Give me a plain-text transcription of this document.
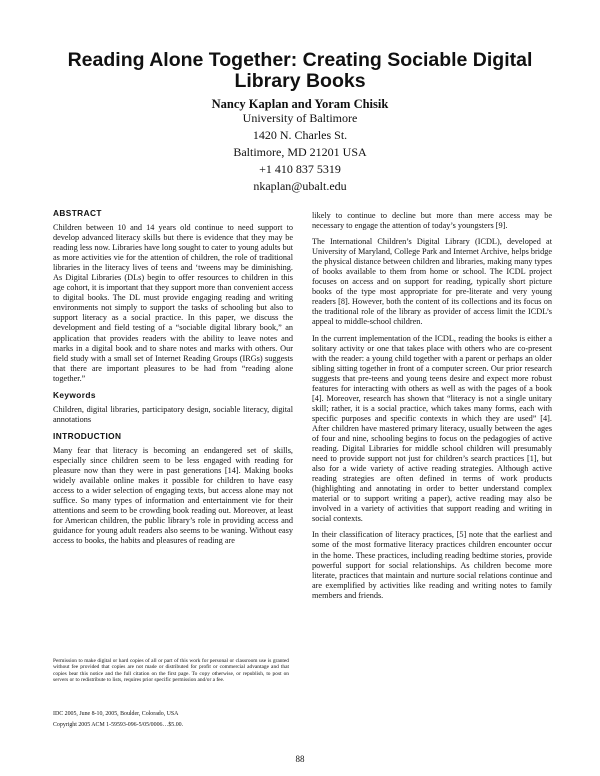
Reading Alone Together: Creating Sociable Digital Library Books
Nancy Kaplan and Yoram Chisik
University of Baltimore
1420 N. Charles St.
Baltimore, MD 21201 USA
+1 410 837 5319
nkaplan@ubalt.edu
ABSTRACT

Children between 10 and 14 years old continue to need support to develop advanced literacy skills but there is evidence that they may be reading less now. Libraries have long sought to cater to young adults but as more activities vie for the attention of children, the role of traditional libraries in the literacy lives of teens and ‘tweens may be diminishing. As Digital Libraries (DLs) begin to offer resources to children in this age cohort, it is important that they support more than convenient access to digital books. The DL must provide engaging reading and writing environments not simply to support the tasks of schooling but also to support literacy as a social practice. In this paper, we discuss the development and field testing of a “sociable digital library book,” an application that provides readers with the ability to leave notes and marks in a digital book and to share notes and marks with others. Our field study with a small set of Internet Reading Groups (IRGs) suggests that there are important pleasures to be had from “reading alone together.”

Keywords

Children, digital libraries, participatory design, sociable literacy, digital annotations

INTRODUCTION

Many fear that literacy is becoming an endangered set of skills, especially since children seem to be less engaged with reading for pleasure now than they were in past generations [14]. Making books widely available online makes it possible for children to have easy access to a wider selection of engaging texts, but access alone may not suffice. So many types of information and entertainment vie for their attentions and seem to be crowding book reading out. Moreover, at least for American children, the public library’s role in providing access and guidance for young adult readers also seems to be waning. Without easy access to books, the habits and pleasures of reading are

Permission to make digital or hard copies of all or part of this work for personal or classroom use is granted without fee provided that copies are not made or distributed for profit or commercial advantage and that copies bear this notice and the full citation on the first page. To copy otherwise, or republish, to post on servers or to redistribute to lists, requires prior specific permission and/or a fee.

IDC 2005, June 8-10, 2005, Boulder, Colorado, USA

Copyright 2005 ACM 1-59593-096-5/05/0006…$5.00.

likely to continue to decline but more than mere access may be necessary to engage the attention of today’s youngsters [9].

The International Children’s Digital Library (ICDL), developed at University of Maryland, College Park and Internet Archive, helps bridge the physical distance between children and libraries, making many types of books available to them from home or school. The ICDL project focuses on access and on support for reading, typically short picture books of the type most appropriate for pre-literate and very young readers [8]. However, both the content of its collections and its focus on the traditional role of the library as provider of access limit the ICDL’s appeal to middle-school children.

In the current implementation of the ICDL, reading the books is either a solitary activity or one that takes place with others who are co-present with the reader: a young child together with a parent or perhaps an older sibling sitting together in front of a computer screen. Our prior research suggests that pre-teens and young teens desire and expect more robust features for interacting with others as well as with the pages of a book [4]. Moreover, research has shown that “literacy is not a single unitary skill; rather, it is a social practice, which takes many forms, each with specific purposes and specific contexts in which they are used” [4]. After children have mastered primary literacy, usually between the ages of four and nine, schooling begins to focus on the pedagogies of active reading. Digital Libraries for middle school children will presumably need to provide support not just for children’s search practices [1], but also for a wide variety of active reading strategies. Although active reading strategies are often defined in terms of work products (highlighting and annotating in order to better understand complex material or to support writing a paper), active reading may also be involved in a variety of activities that support reading and writing in social contexts.

In their classification of literacy practices, [5] note that the earliest and some of the most formative literacy practices children encounter occur in the home. These practices, including reading bedtime stories, provide powerful support for social relationships. As children become more literate, practices that maintain and nurture social relations continue and are exemplified by activities like reading and writing notes to family members and friends.

88
